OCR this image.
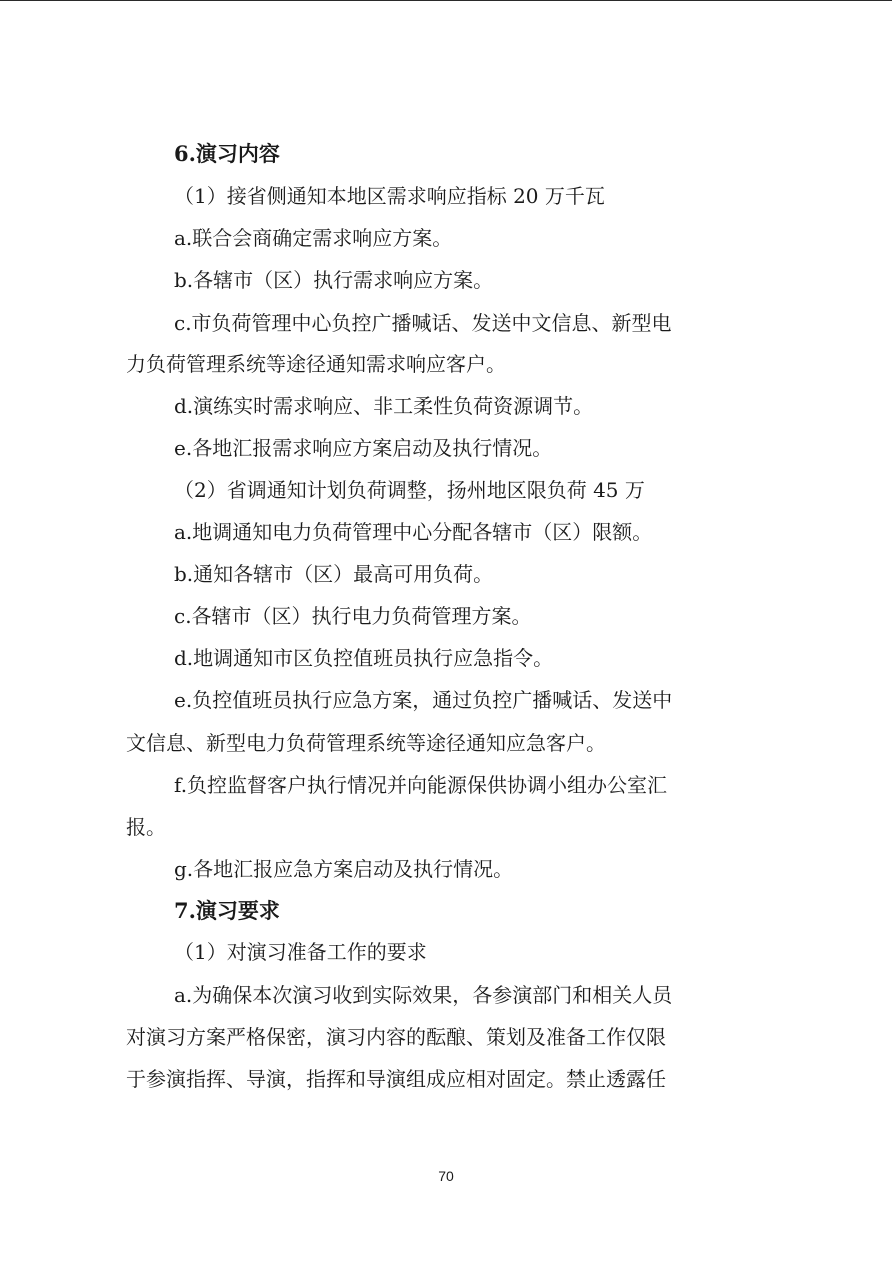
6.演习内容
（1）接省侧通知本地区需求响应指标 20 万千瓦
a.联合会商确定需求响应方案。
b.各辖市（区）执行需求响应方案。
c.市负荷管理中心负控广播喊话、发送中文信息、新型电
力负荷管理系统等途径通知需求响应客户。
d.演练实时需求响应、非工柔性负荷资源调节。
e.各地汇报需求响应方案启动及执行情况。
（2）省调通知计划负荷调整，扬州地区限负荷 45 万
a.地调通知电力负荷管理中心分配各辖市（区）限额。
b.通知各辖市（区）最高可用负荷。
c.各辖市（区）执行电力负荷管理方案。
d.地调通知市区负控值班员执行应急指令。
e.负控值班员执行应急方案，通过负控广播喊话、发送中
文信息、新型电力负荷管理系统等途径通知应急客户。
f.负控监督客户执行情况并向能源保供协调小组办公室汇
报。
g.各地汇报应急方案启动及执行情况。
7.演习要求
（1）对演习准备工作的要求
a.为确保本次演习收到实际效果，各参演部门和相关人员
对演习方案严格保密，演习内容的酝酿、策划及准备工作仅限
于参演指挥、导演，指挥和导演组成应相对固定。禁止透露任
70
